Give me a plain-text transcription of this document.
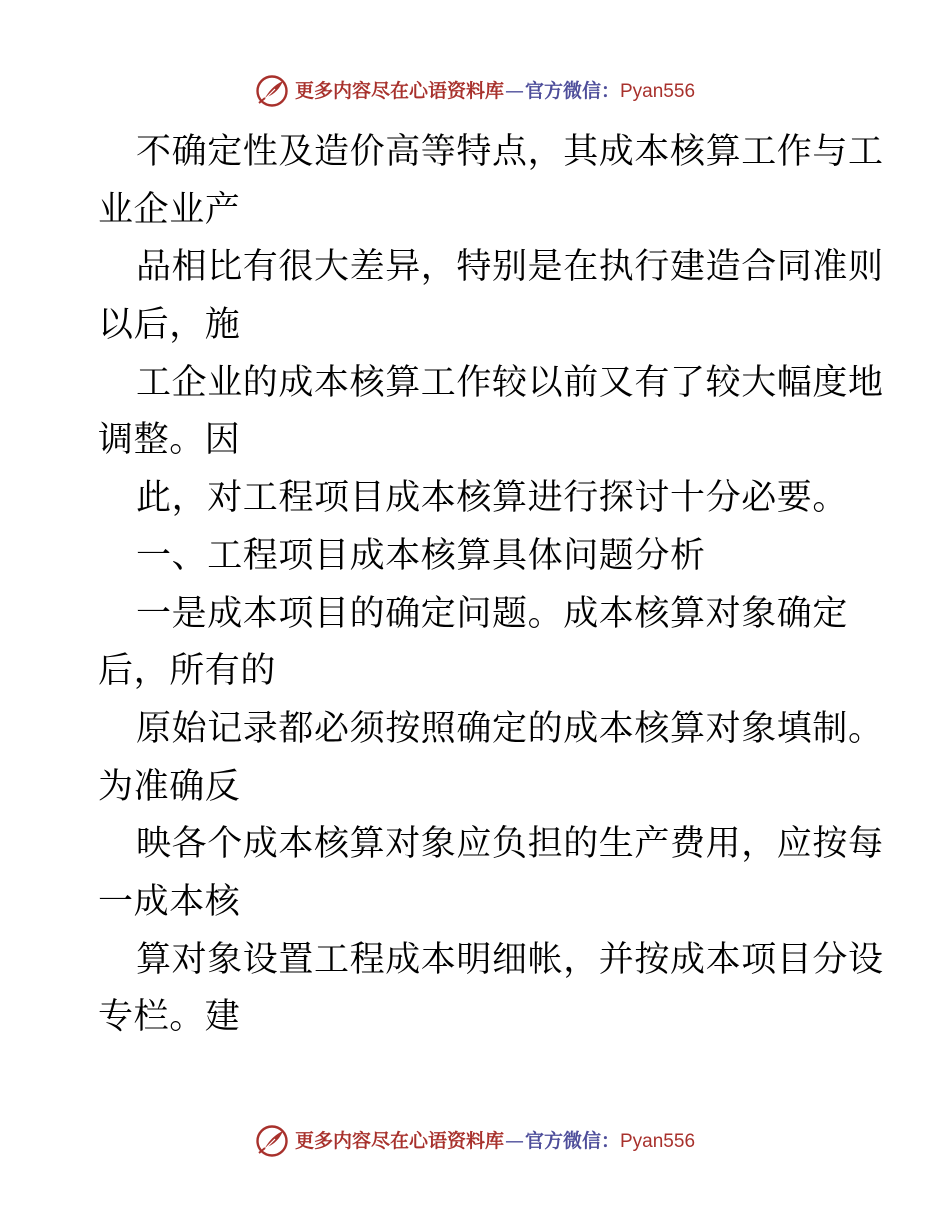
更多内容尽在心语资料库 — 官方微信： Pyan556
不确定性及造价高等特点，其成本核算工作与工
业企业产
品相比有很大差异，特别是在执行建造合同准则
以后，施
工企业的成本核算工作较以前又有了较大幅度地
调整。因
此，对工程项目成本核算进行探讨十分必要。
一、工程项目成本核算具体问题分析
一是成本项目的确定问题。成本核算对象确定
后，所有的
原始记录都必须按照确定的成本核算对象填制。
为准确反
映各个成本核算对象应负担的生产费用，应按每
一成本核
算对象设置工程成本明细帐，并按成本项目分设
专栏。建
更多内容尽在心语资料库 — 官方微信： Pyan556
